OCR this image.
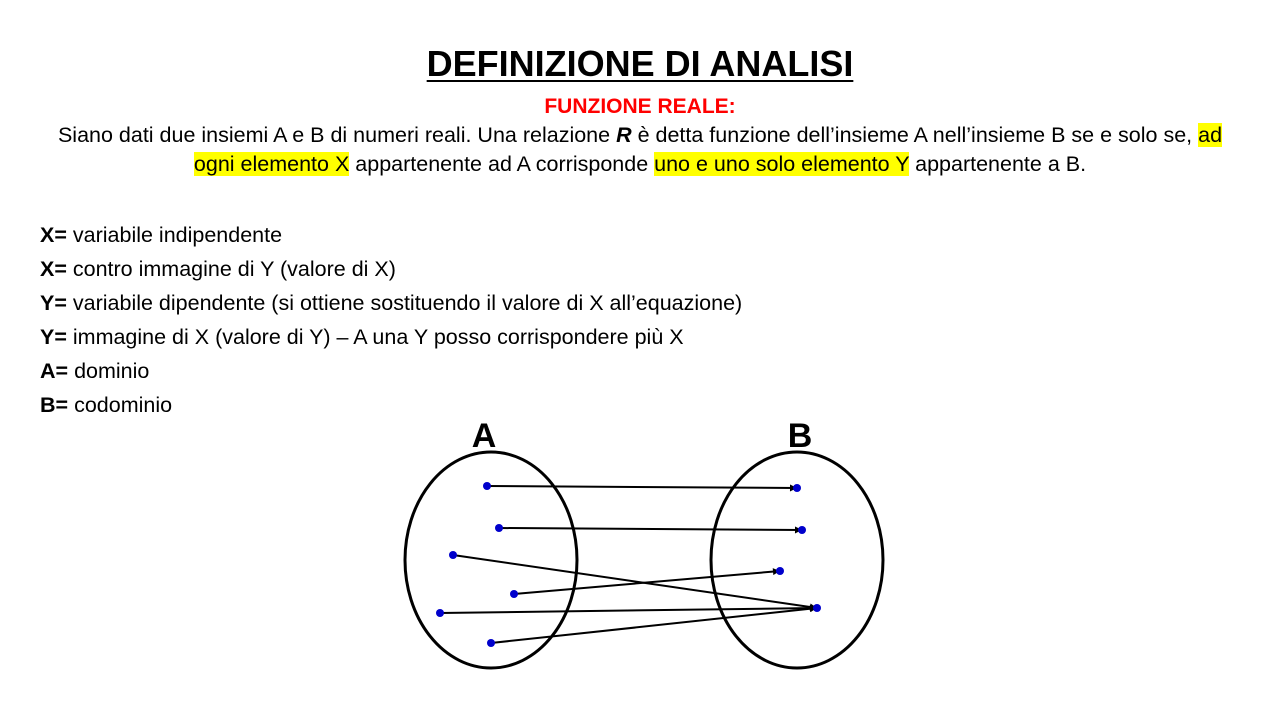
DEFINIZIONE DI ANALISI
FUNZIONE REALE:
Siano dati due insiemi A e B di numeri reali. Una relazione R è detta funzione dell’insieme A nell’insieme B se e solo se, ad ogni elemento X appartenente ad A corrisponde uno e uno solo elemento Y appartenente a B.
X= variabile indipendente
X= contro immagine di Y (valore di X)
Y= variabile dipendente (si ottiene sostituendo il valore di X all’equazione)
Y= immagine di X (valore di Y) – A una Y posso corrispondere più X
A= dominio
B= codominio
A	B
